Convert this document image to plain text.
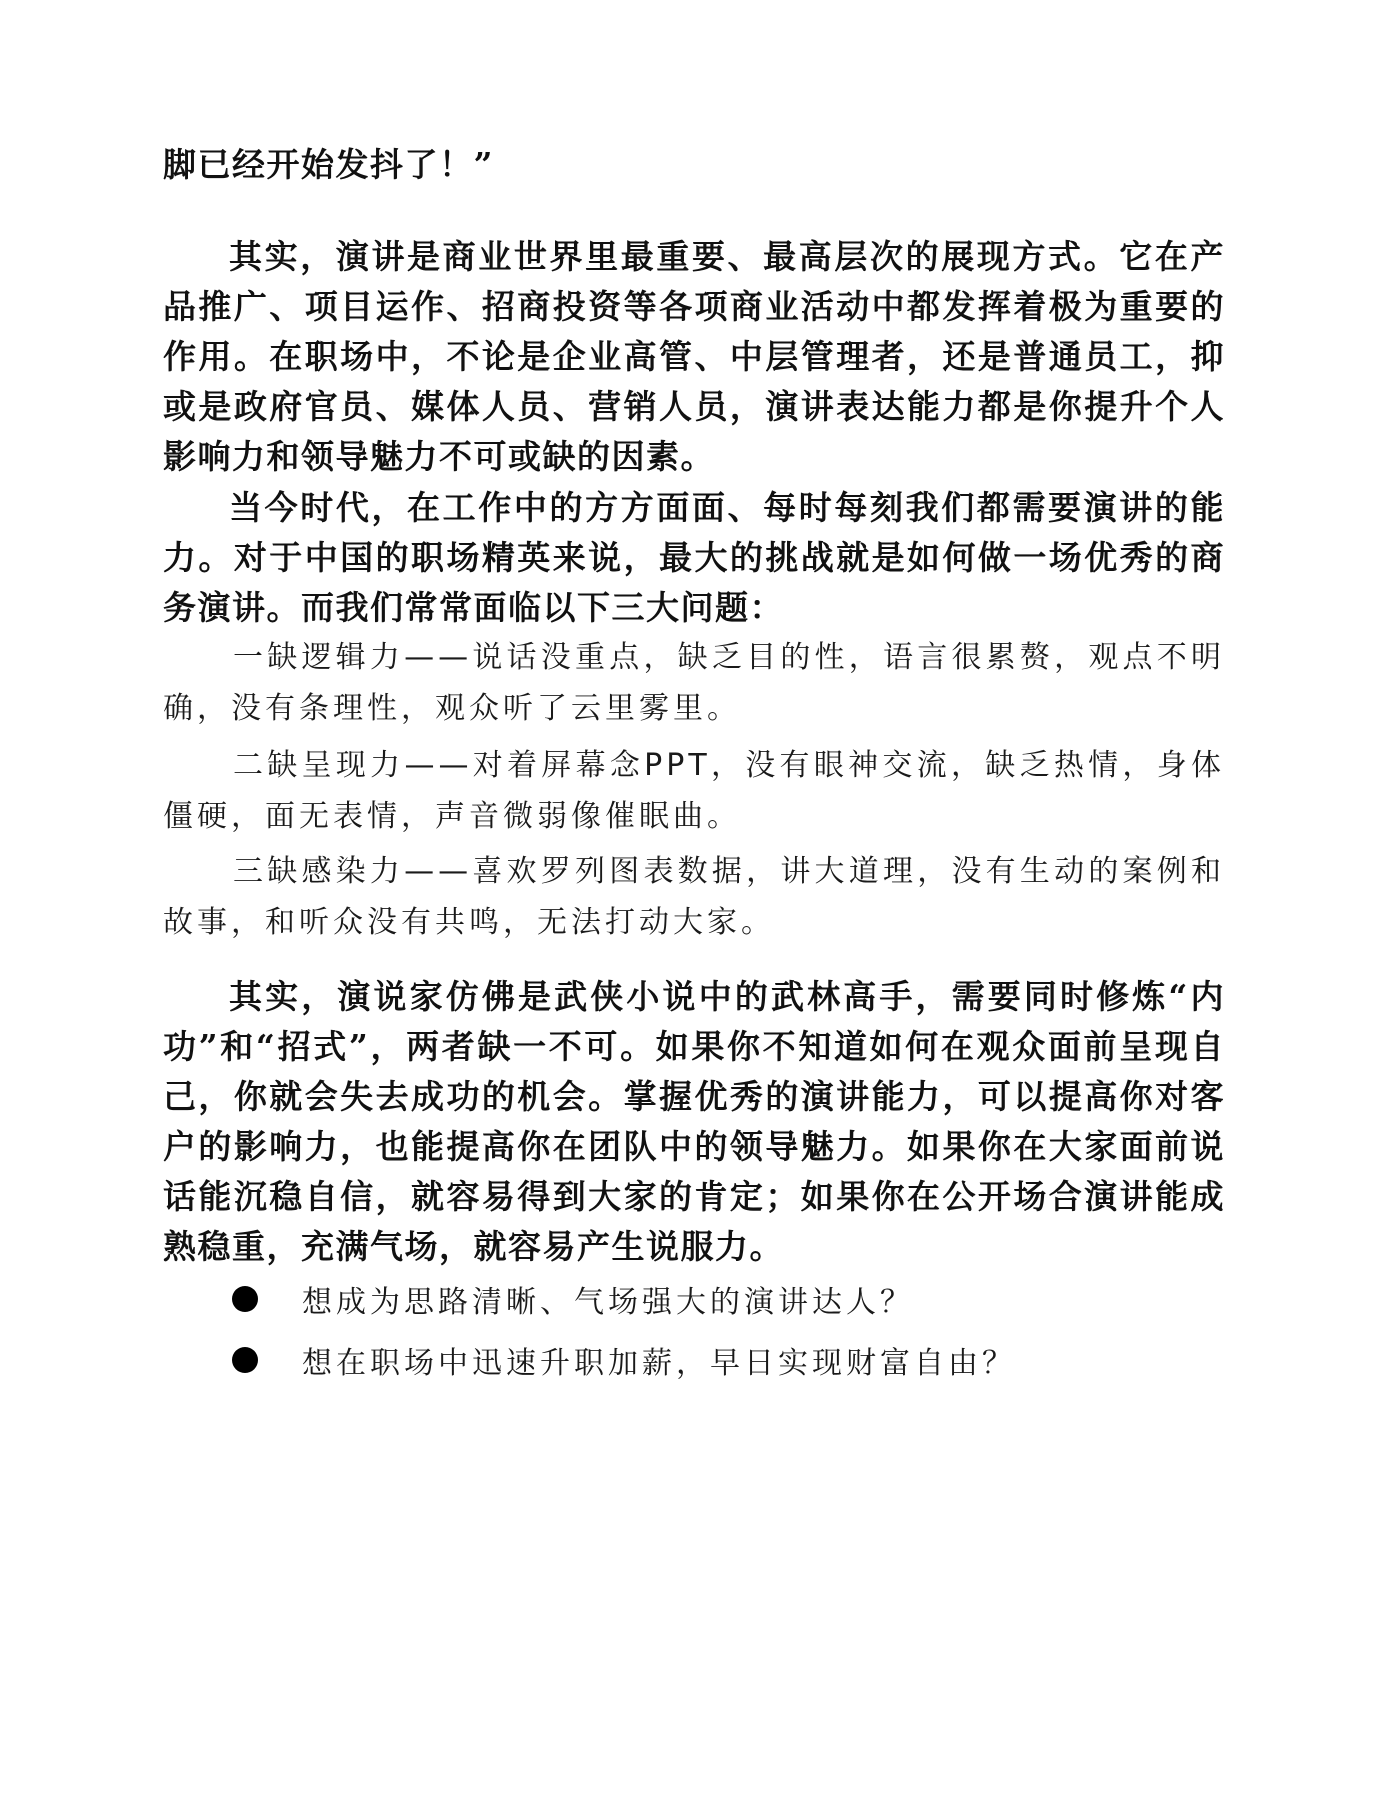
脚已经开始发抖了！”

其实，演讲是商业世界里最重要、最高层次的展现方式。它在产品推广、项目运作、招商投资等各项商业活动中都发挥着极为重要的作用。在职场中，不论是企业高管、中层管理者，还是普通员工，抑或是政府官员、媒体人员、营销人员，演讲表达能力都是你提升个人影响力和领导魅力不可或缺的因素。

当今时代，在工作中的方方面面、每时每刻我们都需要演讲的能力。对于中国的职场精英来说，最大的挑战就是如何做一场优秀的商务演讲。而我们常常面临以下三大问题：

一缺逻辑力——说话没重点，缺乏目的性，语言很累赘，观点不明确，没有条理性，观众听了云里雾里。

二缺呈现力——对着屏幕念PPT，没有眼神交流，缺乏热情，身体僵硬，面无表情，声音微弱像催眠曲。

三缺感染力——喜欢罗列图表数据，讲大道理，没有生动的案例和故事，和听众没有共鸣，无法打动大家。

其实，演说家仿佛是武侠小说中的武林高手，需要同时修炼“内功”和“招式”，两者缺一不可。如果你不知道如何在观众面前呈现自己，你就会失去成功的机会。掌握优秀的演讲能力，可以提高你对客户的影响力，也能提高你在团队中的领导魅力。如果你在大家面前说话能沉稳自信，就容易得到大家的肯定；如果你在公开场合演讲能成熟稳重，充满气场，就容易产生说服力。

想成为思路清晰、气场强大的演讲达人？
想在职场中迅速升职加薪，早日实现财富自由？
